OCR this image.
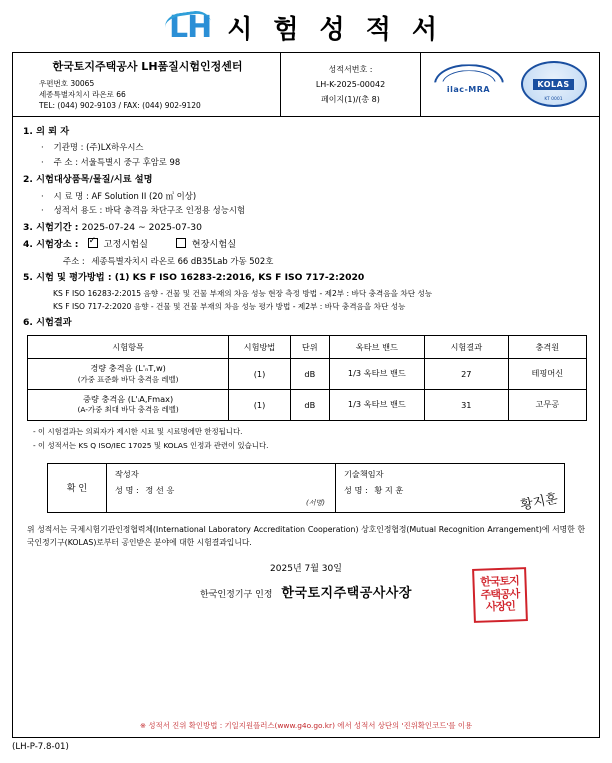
LH 시 험 성 적 서
한국토지주택공사 LH품질시험인정센터
우편번호 30065
세종특별자치시 라온로 66
TEL: (044) 902-9103 / FAX: (044) 902-9120
성적서번호 :
LH-K-2025-00042
페이지(1)/(총 8)
ilac-MRA
KOLAS
KT 0001
1. 의 뢰 자
· 기관명 : (주)LX하우시스
· 주 소 : 서울특별시 중구 후암로 98
2. 시험대상품목/물질/시료 설명
· 시 료 명 : AF Solution II (20 ㎥ 이상)
· 성적서 용도 : 바닥 충격음 차단구조 인정용 성능시험
3. 시험기간 : 2025-07-24 ~ 2025-07-30
4. 시험장소 : ✓	고정시험실	현장시험실
주소 : 세종특별자치시 라온로 66 dB35Lab 가동 502호
5. 시험 및 평가방법 : (1) KS F ISO 16283-2:2016, KS F ISO 717-2:2020
KS F ISO 16283-2:2015 음향 - 건물 및 건물 부재의 차음 성능 현장 측정 방법 - 제2부 : 바닥 충격음을 차단 성능
KS F ISO 717-2:2020 음향 - 건물 및 건물 부재의 차음 성능 평가 방법 - 제2부 : 바닥 충격음을 차단 성능
6. 시험결과
시험항목	시험방법	단위	옥타브 밴드	시험결과	충격원

경량 충격음 (L'ₙT,w)
(가중 표준화 바닥 충격음 레벨)	(1)	dB	1/3 옥타브 밴드	27	테핑머신

중량 충격음 (L'ᵢA,Fmax)
(A-가중 최대 바닥 충격음 레벨)	(1)	dB	1/3 옥타브 밴드	31	고무공
- 이 시험결과는 의뢰자가 제시한 시료 및 시료명에만 한정됩니다.
- 이 성적서는 KS Q ISO/IEC 17025 및 KOLAS 인정과 관련이 있습니다.
확 인
작성자
성 명 : 정 선 응
(서명)
기술책임자
성 명 : 황 지 훈
황지훈
위 성적서는 국제시험기관인정협력체(International Laboratory Accreditation Cooperation) 상호인정협정(Mutual Recognition Arrangement)에 서명한 한국인정기구(KOLAS)로부터 공인받은 분야에 대한 시험결과입니다.
2025년 7월 30일
한국인정기구 인정 한국토지주택공사사장
한국토지주택공사사장인
※ 성적서 진위 확인방법 : 기일지원플러스(www.g4o.go.kr) 에서 성적서 상단의 '진위확인코드'를 이용
(LH-P-7.8-01)
